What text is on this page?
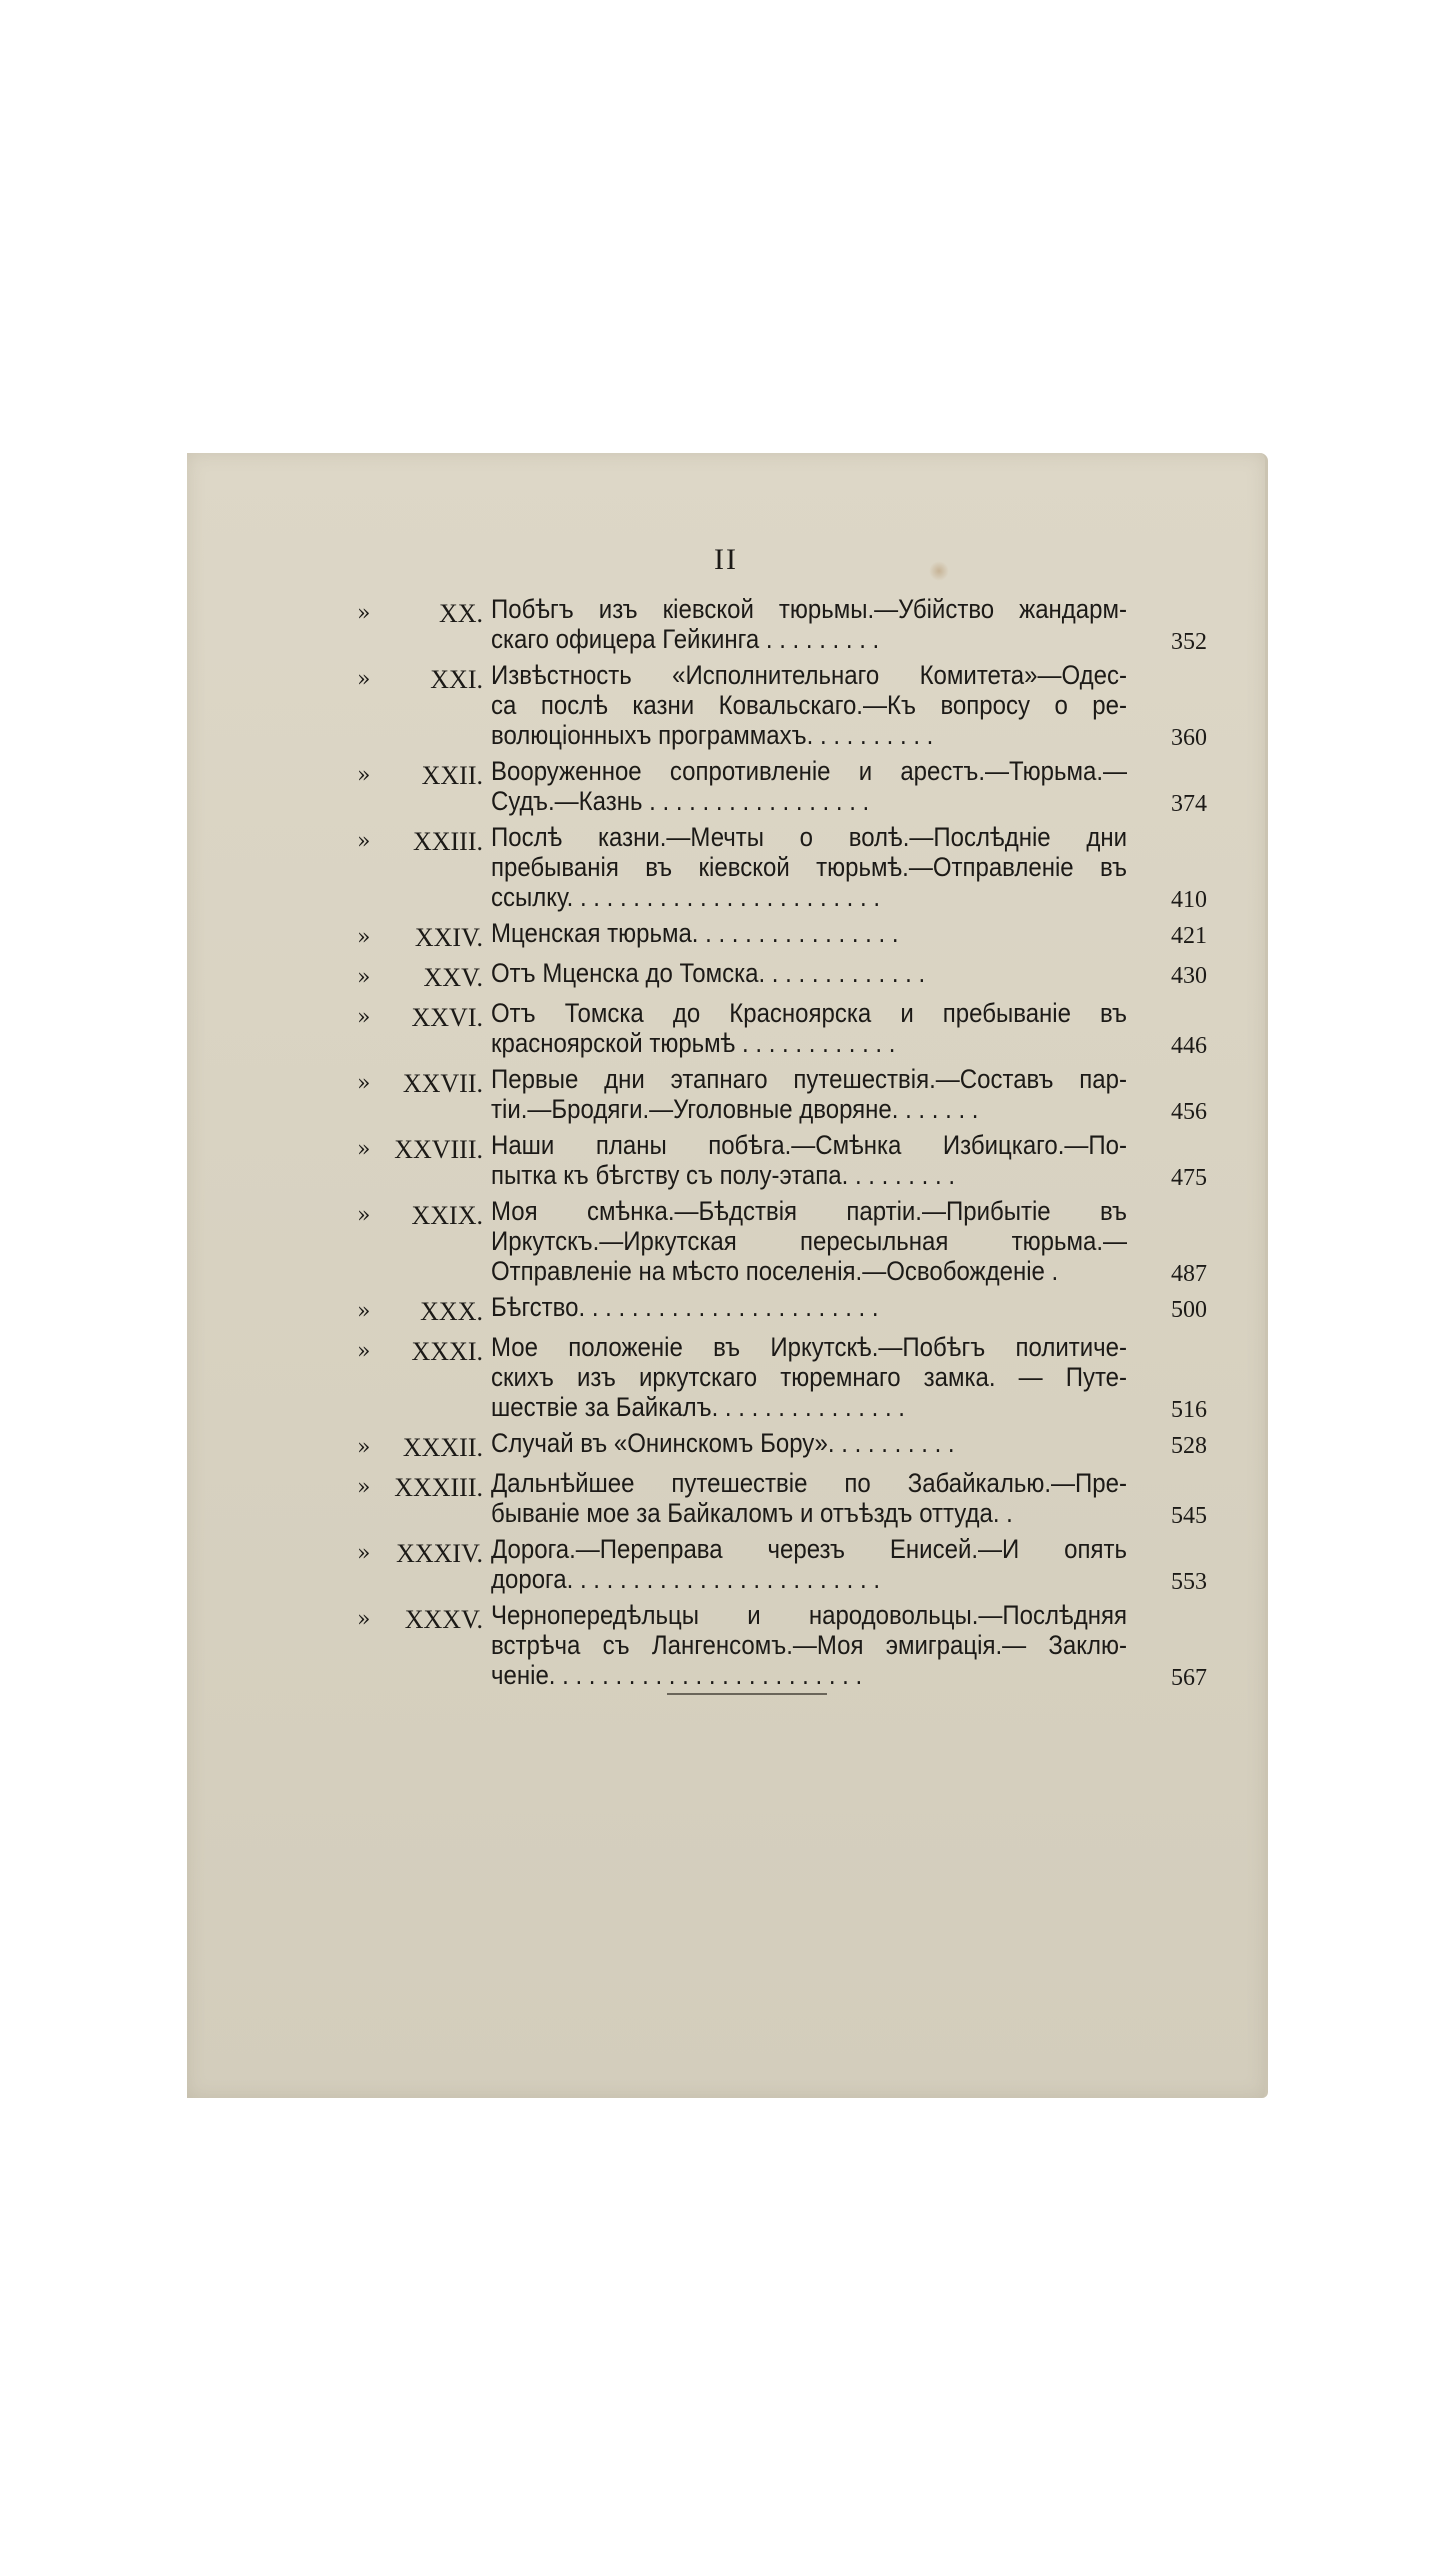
II
»	XX. Побѣгъ изъ кіевской тюрьмы.—Убійство жандарм-
скаго офицера Гейкинга . . . . . . . . .	352
»	XXI. Извѣстность «Исполнительнаго Комитета»—Одес-
са послѣ казни Ковальскаго.—Къ вопросу о ре-
волюціонныхъ программахъ. . . . . . . . . .	360
»	XXII. Вооруженное сопротивленіе и арестъ.—Тюрьма.—
Судъ.—Казнь . . . . . . . . . . . . . . . . .	374
»	XXIII. Послѣ казни.—Мечты о волѣ.—Послѣдніе дни
пребыванія въ кіевской тюрьмѣ.—Отправленіе въ
ссылку. . . . . . . . . . . . . . . . . . . . . . . .	410
»	XXIV. Мценская тюрьма. . . . . . . . . . . . . . . .	421
»	XXV. Отъ Мценска до Томска. . . . . . . . . . . . .	430
»	XXVI. Отъ Томска до Красноярска и пребываніе въ
красноярской тюрьмѣ . . . . . . . . . . . .	446
»	XXVII. Первые дни этапнаго путешествія.—Составъ пар-
тіи.—Бродяги.—Уголовные дворяне. . . . . . .	456
» XXVIII. Наши планы побѣга.—Смѣнка Избицкаго.—По-
пытка къ бѣгству съ полу-этапа. . . . . . . . .	475
»	XXIX. Моя смѣнка.—Бѣдствія партіи.—Прибытіе въ
Иркутскъ.—Иркутская пересыльная тюрьма.—
Отправленіе на мѣсто поселенія.—Освобожденіе .	487
»	XXX. Бѣгство. . . . . . . . . . . . . . . . . . . . . . .	500
»	XXXI. Мое положеніе въ Иркутскѣ.—Побѣгъ политиче-
скихъ изъ иркутскаго тюремнаго замка. — Путе-
шествіе за Байкалъ. . . . . . . . . . . . . . .	516
»	XXXII. Случай въ «Онинскомъ Бору». . . . . . . . . .	528
» XXXIII. Дальнѣйшее путешествіе по Забайкалью.—Пре-
бываніе мое за Байкаломъ и отъѣздъ оттуда. .	545
» XXXIV. Дорога.—Переправа черезъ Енисей.—И опять
дорога. . . . . . . . . . . . . . . . . . . . . . . .	553
»	XXXV. Чернопередѣльцы и народовольцы.—Послѣдняя
встрѣча съ Лангенсомъ.—Моя эмиграція.— Заклю-
ченіе. . . . . . . . . . . . . . . . . . . . . . . .	567
